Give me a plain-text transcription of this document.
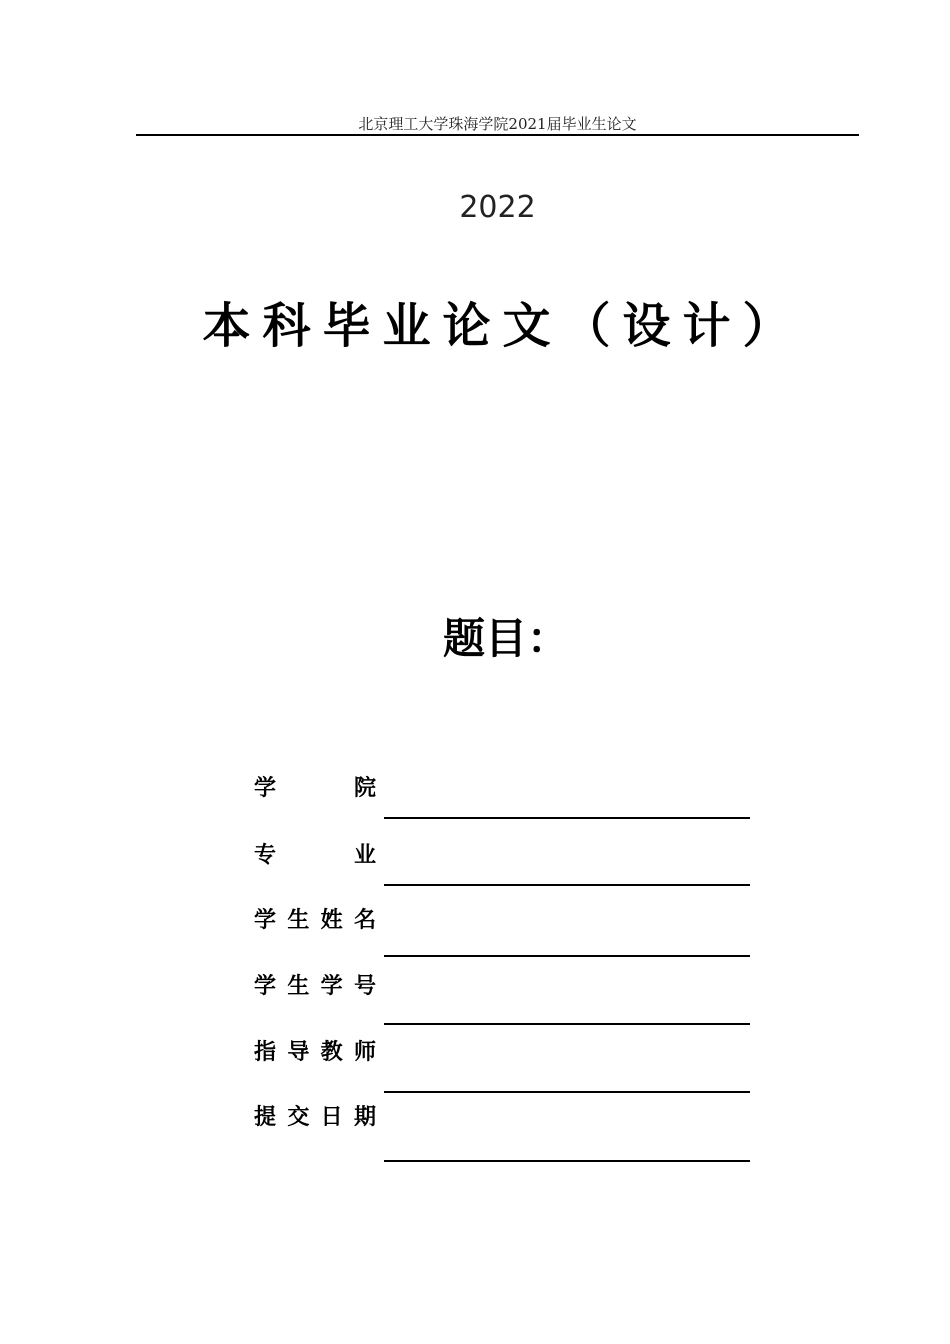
北京理工大学珠海学院2021届毕业生论文
2022
本科毕业论文（设计）
题目：
学	院
专	业
学 生 姓 名
学 生 学 号
指 导 教 师
提 交 日 期
